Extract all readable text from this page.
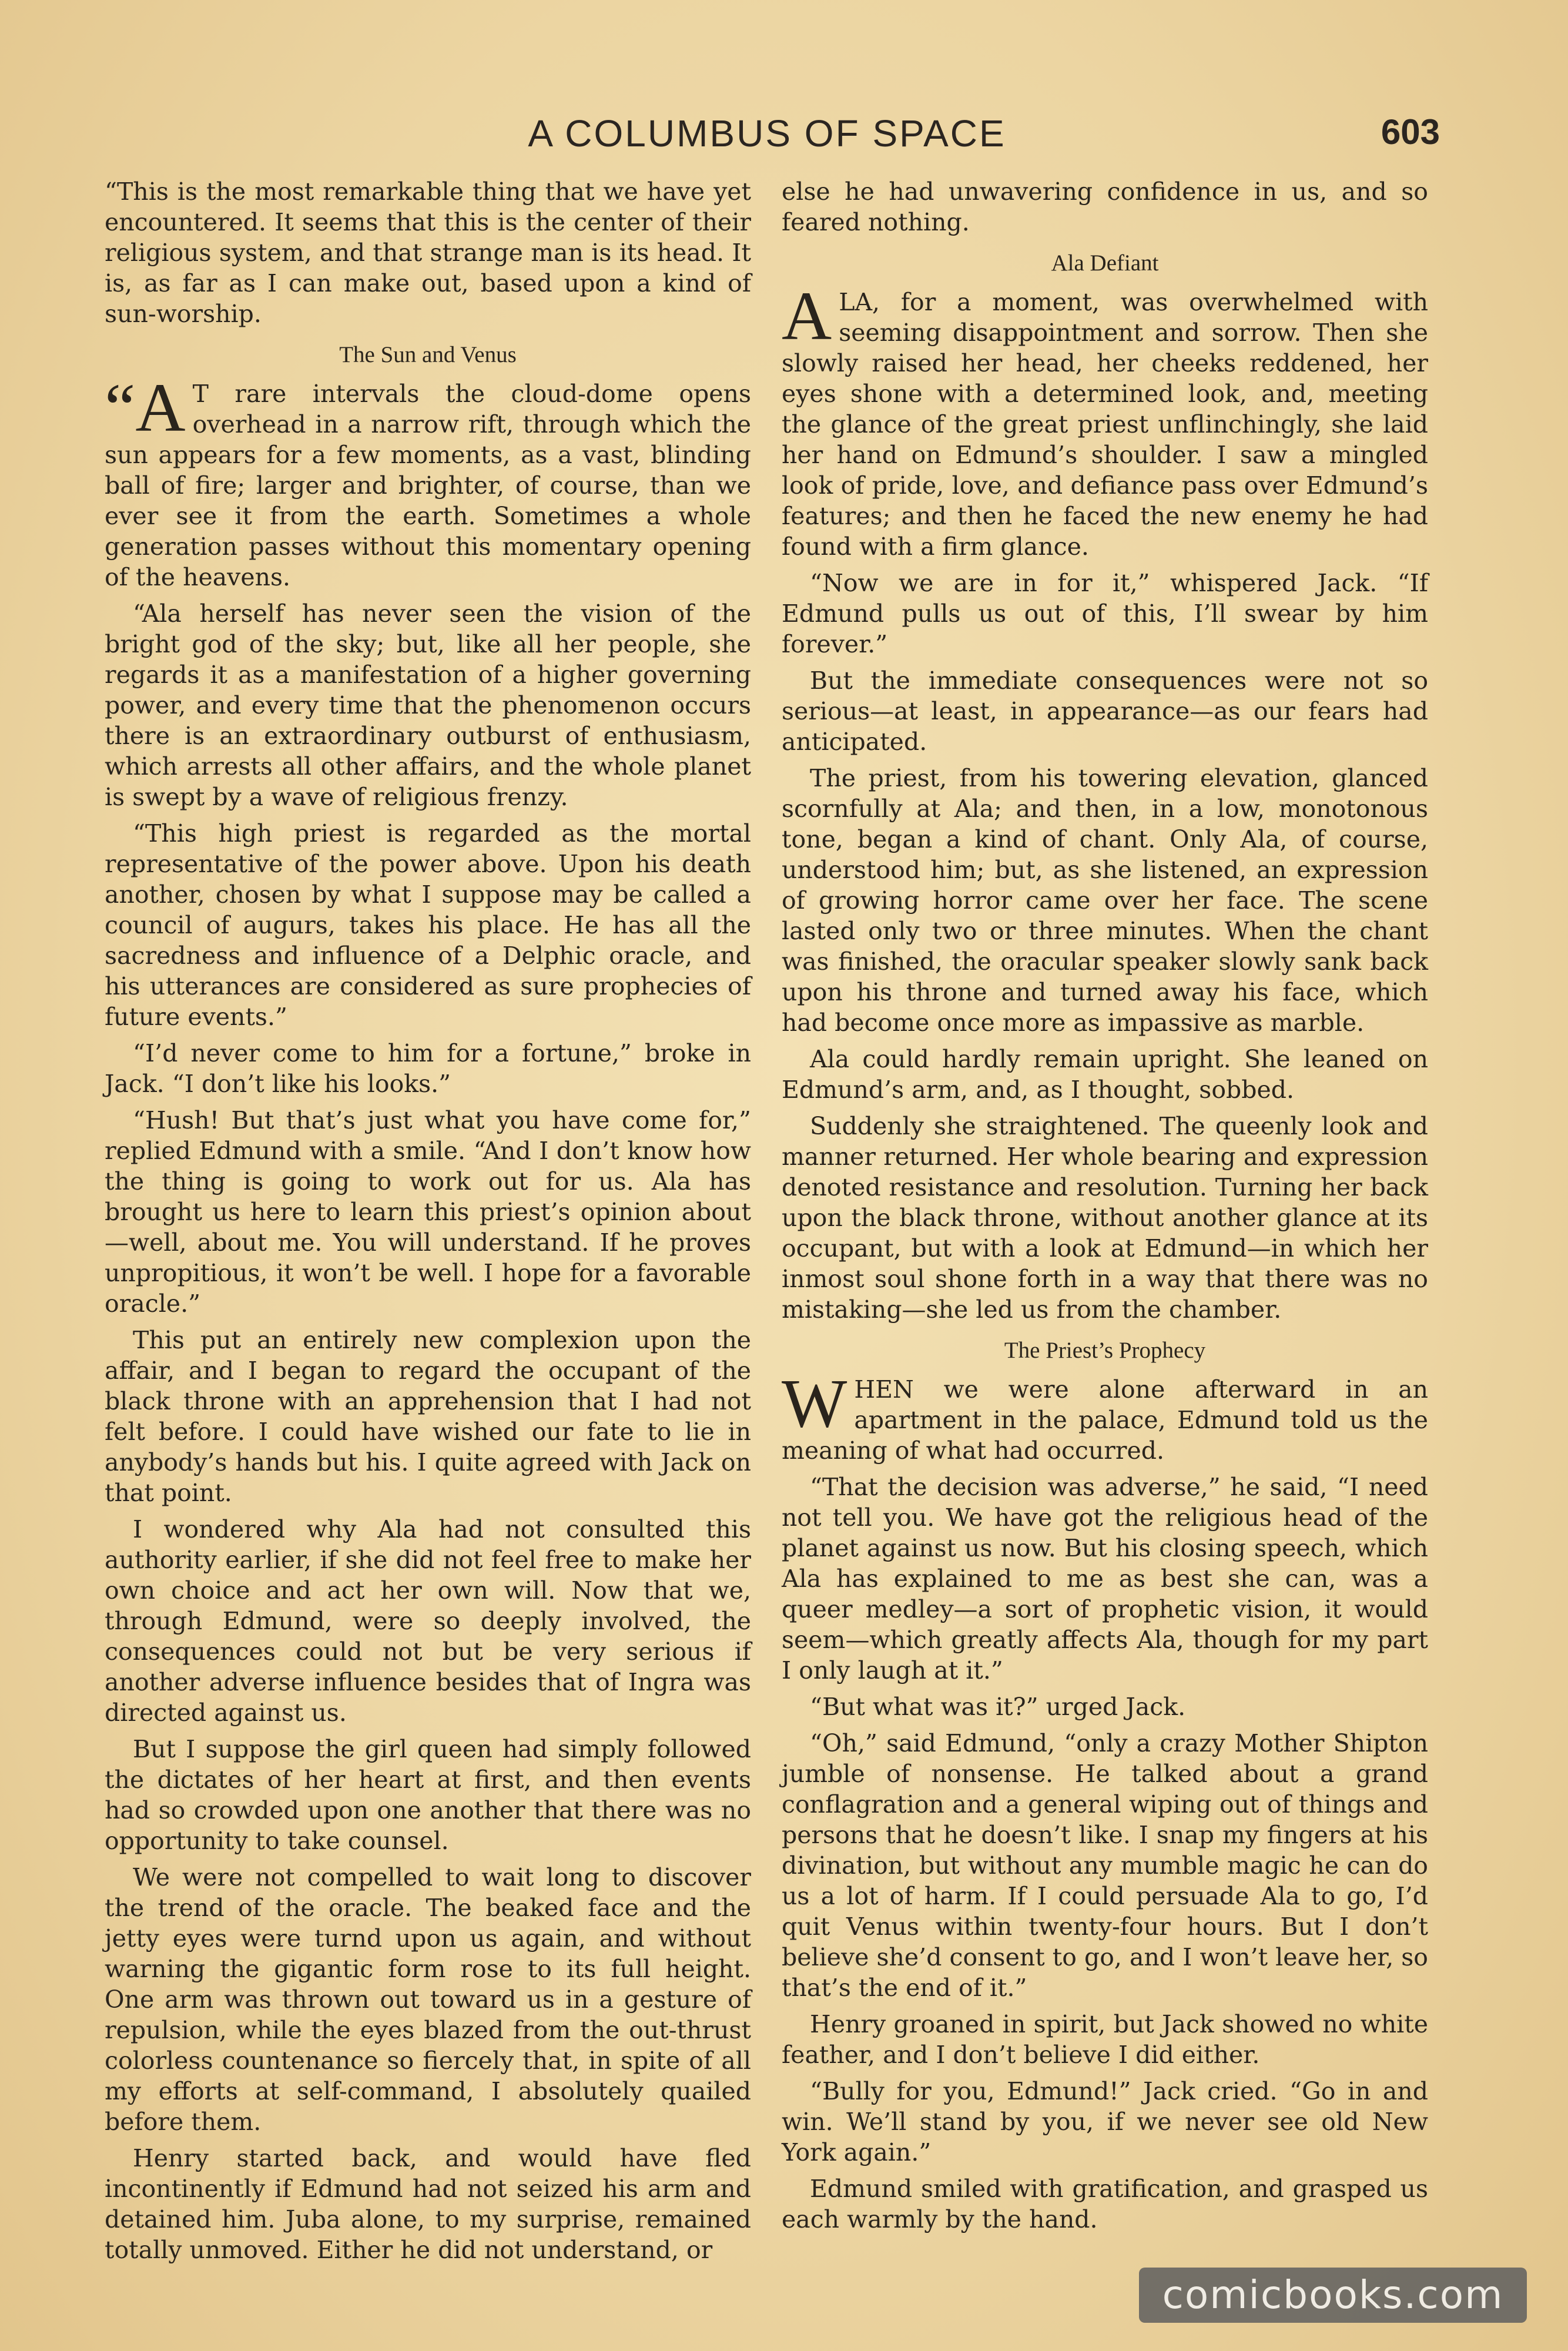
A COLUMBUS OF SPACE	603

“This is the most remarkable thing that we have yet encountered. It seems that this is the center of their religious system, and that strange man is its head. It is, as far as I can make out, based upon a kind of sun-worship.

The Sun and Venus

“A T rare intervals the cloud-dome opens overhead in a narrow rift, through which the sun appears for a few moments, as a vast, blinding ball of fire; larger and brighter, of course, than we ever see it from the earth. Sometimes a whole generation passes without this momentary opening of the heavens.

“Ala herself has never seen the vision of the bright god of the sky; but, like all her people, she regards it as a manifestation of a higher governing power, and every time that the phenomenon occurs there is an extraordinary outburst of enthusiasm, which arrests all other affairs, and the whole planet is swept by a wave of religious frenzy.

“This high priest is regarded as the mortal representative of the power above. Upon his death another, chosen by what I suppose may be called a council of augurs, takes his place. He has all the sacredness and influence of a Delphic oracle, and his utterances are considered as sure prophecies of future events.”

“I’d never come to him for a fortune,” broke in Jack. “I don’t like his looks.”

“Hush! But that’s just what you have come for,” replied Edmund with a smile. “And I don’t know how the thing is going to work out for us. Ala has brought us here to learn this priest’s opinion about—well, about me. You will understand. If he proves unpropitious, it won’t be well. I hope for a favorable oracle.”

This put an entirely new complexion upon the affair, and I began to regard the occupant of the black throne with an apprehension that I had not felt before. I could have wished our fate to lie in anybody’s hands but his. I quite agreed with Jack on that point.

I wondered why Ala had not consulted this authority earlier, if she did not feel free to make her own choice and act her own will. Now that we, through Edmund, were so deeply involved, the consequences could not but be very serious if another adverse influence besides that of Ingra was directed against us.

But I suppose the girl queen had simply followed the dictates of her heart at first, and then events had so crowded upon one another that there was no opportunity to take counsel.

We were not compelled to wait long to discover the trend of the oracle. The beaked face and the jetty eyes were turnd upon us again, and without warning the gigantic form rose to its full height. One arm was thrown out toward us in a gesture of repulsion, while the eyes blazed from the out-thrust colorless countenance so fiercely that, in spite of all my efforts at self-command, I absolutely quailed before them.

Henry started back, and would have fled incontinently if Edmund had not seized his arm and detained him. Juba alone, to my surprise, remained totally unmoved. Either he did not understand, or

else he had unwavering confidence in us, and so feared nothing.

Ala Defiant

ALA, for a moment, was overwhelmed with seeming disappointment and sorrow. Then she slowly raised her head, her cheeks reddened, her eyes shone with a determined look, and, meeting the glance of the great priest unflinchingly, she laid her hand on Edmund’s shoulder. I saw a mingled look of pride, love, and defiance pass over Edmund’s features; and then he faced the new enemy he had found with a firm glance.

“Now we are in for it,” whispered Jack. “If Edmund pulls us out of this, I’ll swear by him forever.”

But the immediate consequences were not so serious—at least, in appearance—as our fears had anticipated.

The priest, from his towering elevation, glanced scornfully at Ala; and then, in a low, monotonous tone, began a kind of chant. Only Ala, of course, understood him; but, as she listened, an expression of growing horror came over her face. The scene lasted only two or three minutes. When the chant was finished, the oracular speaker slowly sank back upon his throne and turned away his face, which had become once more as impassive as marble.

Ala could hardly remain upright. She leaned on Edmund’s arm, and, as I thought, sobbed.

Suddenly she straightened. The queenly look and manner returned. Her whole bearing and expression denoted resistance and resolution. Turning her back upon the black throne, without another glance at its occupant, but with a look at Edmund—in which her inmost soul shone forth in a way that there was no mistaking—she led us from the chamber.

The Priest’s Prophecy

WHEN we were alone afterward in an apartment in the palace, Edmund told us the meaning of what had occurred.

“That the decision was adverse,” he said, “I need not tell you. We have got the religious head of the planet against us now. But his closing speech, which Ala has explained to me as best she can, was a queer medley—a sort of prophetic vision, it would seem—which greatly affects Ala, though for my part I only laugh at it.”

“But what was it?” urged Jack.

“Oh,” said Edmund, “only a crazy Mother Shipton jumble of nonsense. He talked about a grand conflagration and a general wiping out of things and persons that he doesn’t like. I snap my fingers at his divination, but without any mumble magic he can do us a lot of harm. If I could persuade Ala to go, I’d quit Venus within twenty-four hours. But I don’t believe she’d consent to go, and I won’t leave her, so that’s the end of it.”

Henry groaned in spirit, but Jack showed no white feather, and I don’t believe I did either.

“Bully for you, Edmund!” Jack cried. “Go in and win. We’ll stand by you, if we never see old New York again.”

Edmund smiled with gratification, and grasped us each warmly by the hand.

comicbooks.com
